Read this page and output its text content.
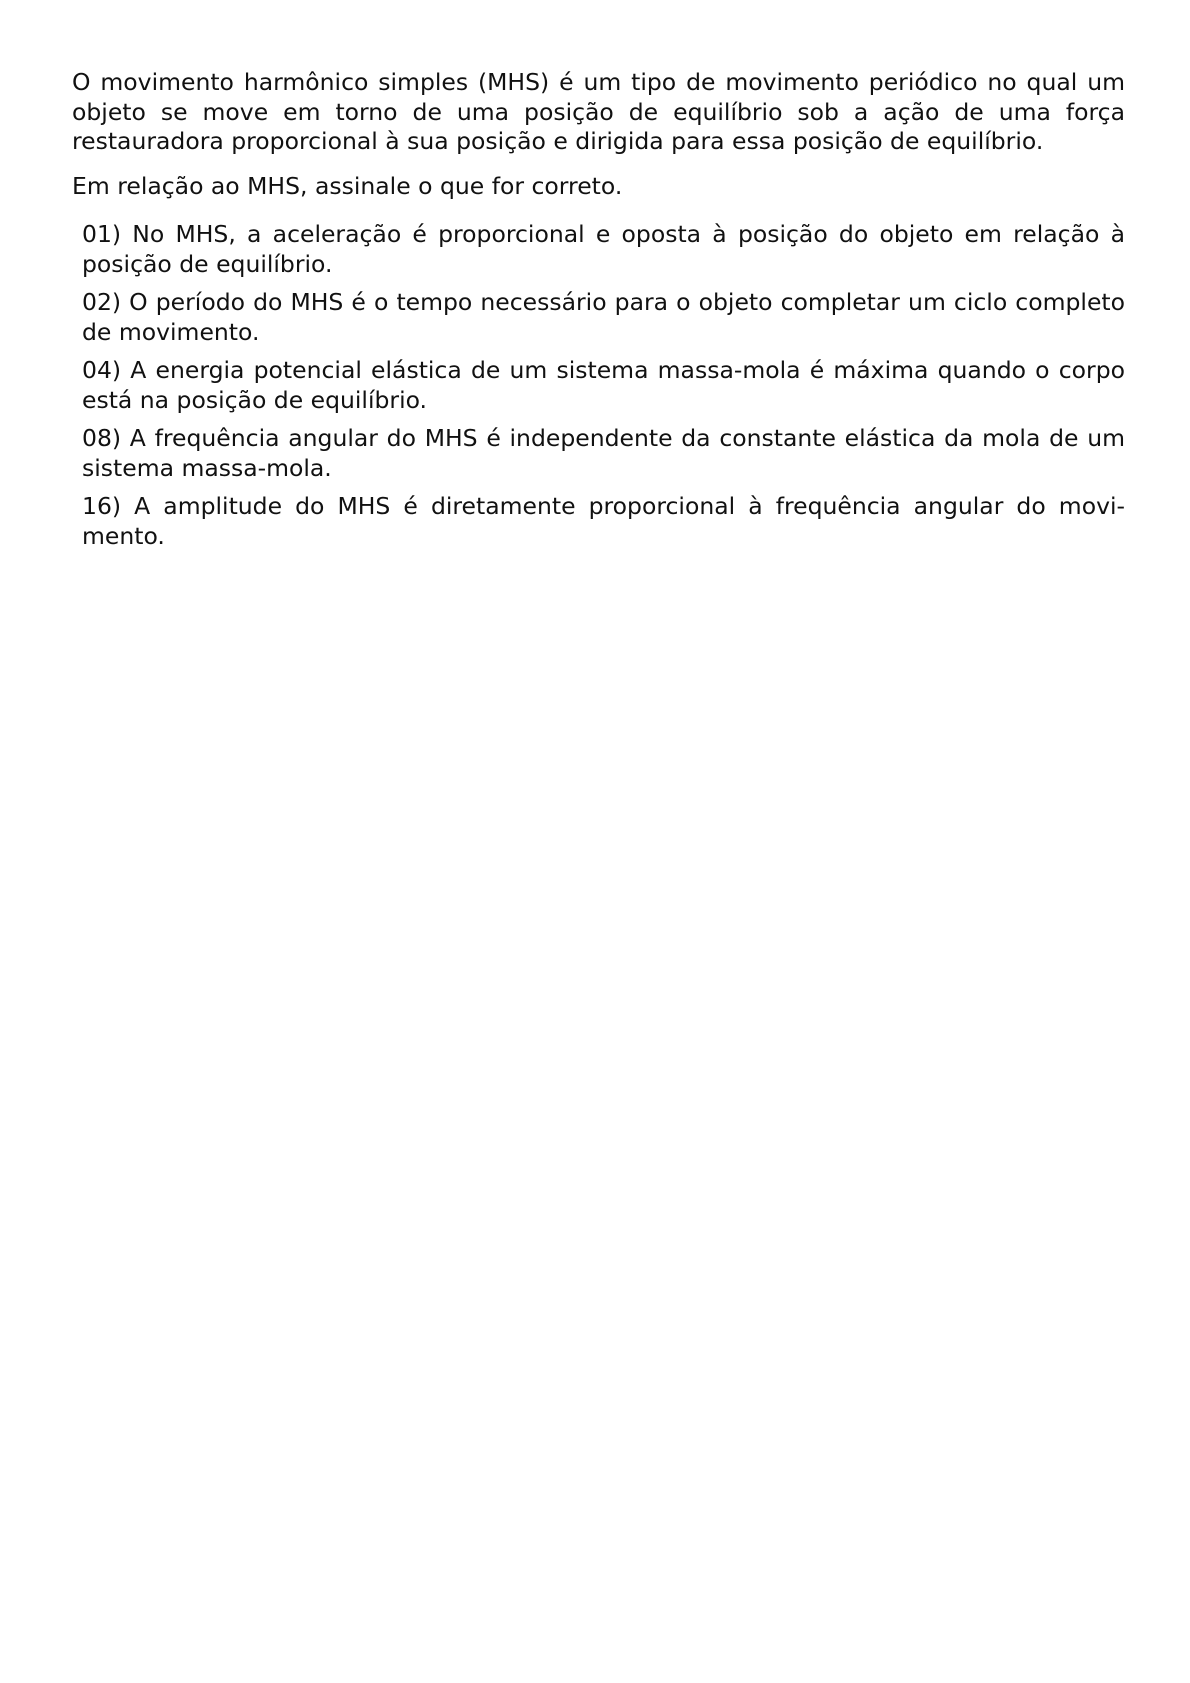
O movimento harmônico simples (MHS) é um tipo de movimento periódico no qual um objeto se move em torno de uma posição de equilíbrio sob a ação de uma força restauradora proporcional à sua posição e dirigida para essa posição de equilíbrio.

Em relação ao MHS, assinale o que for correto.

01) No MHS, a aceleração é proporcional e oposta à posição do objeto em relação à posição de equilíbrio.
02) O período do MHS é o tempo necessário para o objeto completar um ciclo completo de movimento.
04) A energia potencial elástica de um sistema massa-mola é máxima quando o corpo está na posição de equilíbrio.
08) A frequência angular do MHS é independente da constante elástica da mola de um sistema massa-mola.
16) A amplitude do MHS é diretamente proporcional à frequência angular do movimento.
